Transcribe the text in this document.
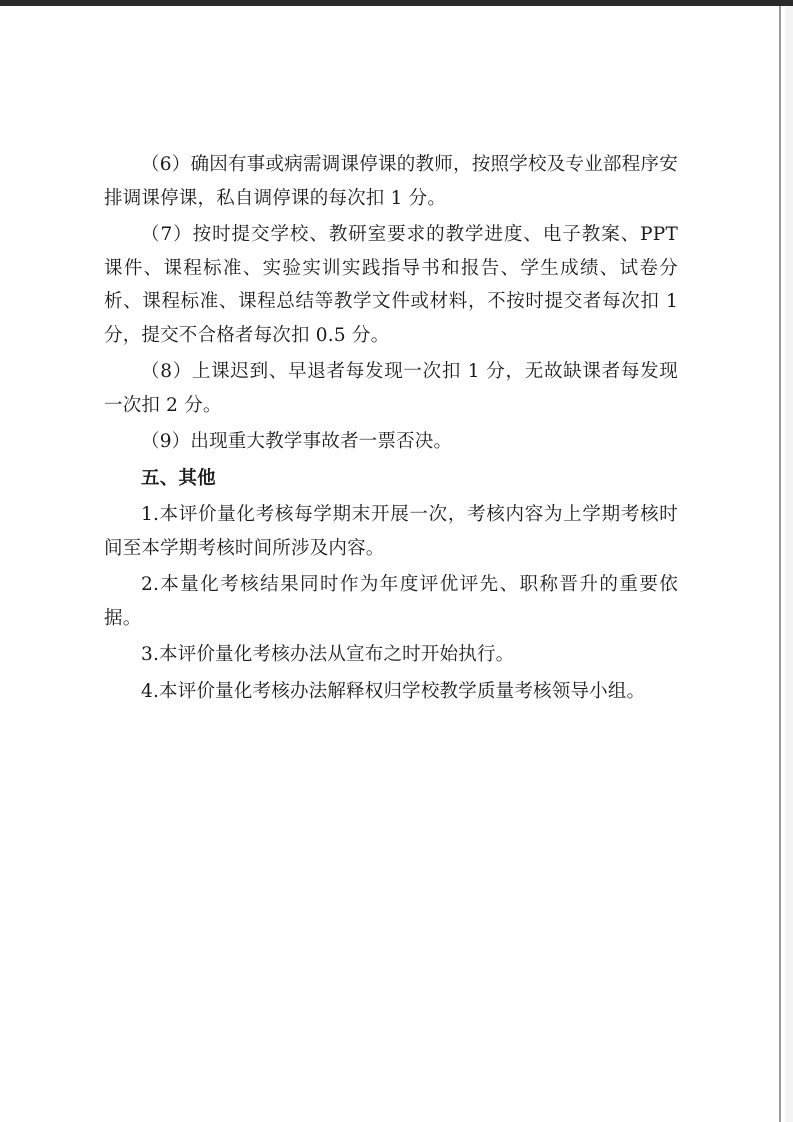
（6）确因有事或病需调课停课的教师，按照学校及专业部程序安排调课停课，私自调停课的每次扣 1 分。

（7）按时提交学校、教研室要求的教学进度、电子教案、PPT 课件、课程标准、实验实训实践指导书和报告、学生成绩、试卷分析、课程标准、课程总结等教学文件或材料，不按时提交者每次扣 1 分，提交不合格者每次扣 0.5 分。

（8）上课迟到、早退者每发现一次扣 1 分，无故缺课者每发现一次扣 2 分。

（9）出现重大教学事故者一票否决。

五、其他

1.本评价量化考核每学期末开展一次，考核内容为上学期考核时间至本学期考核时间所涉及内容。

2.本量化考核结果同时作为年度评优评先、职称晋升的重要依据。

3.本评价量化考核办法从宣布之时开始执行。

4.本评价量化考核办法解释权归学校教学质量考核领导小组。
